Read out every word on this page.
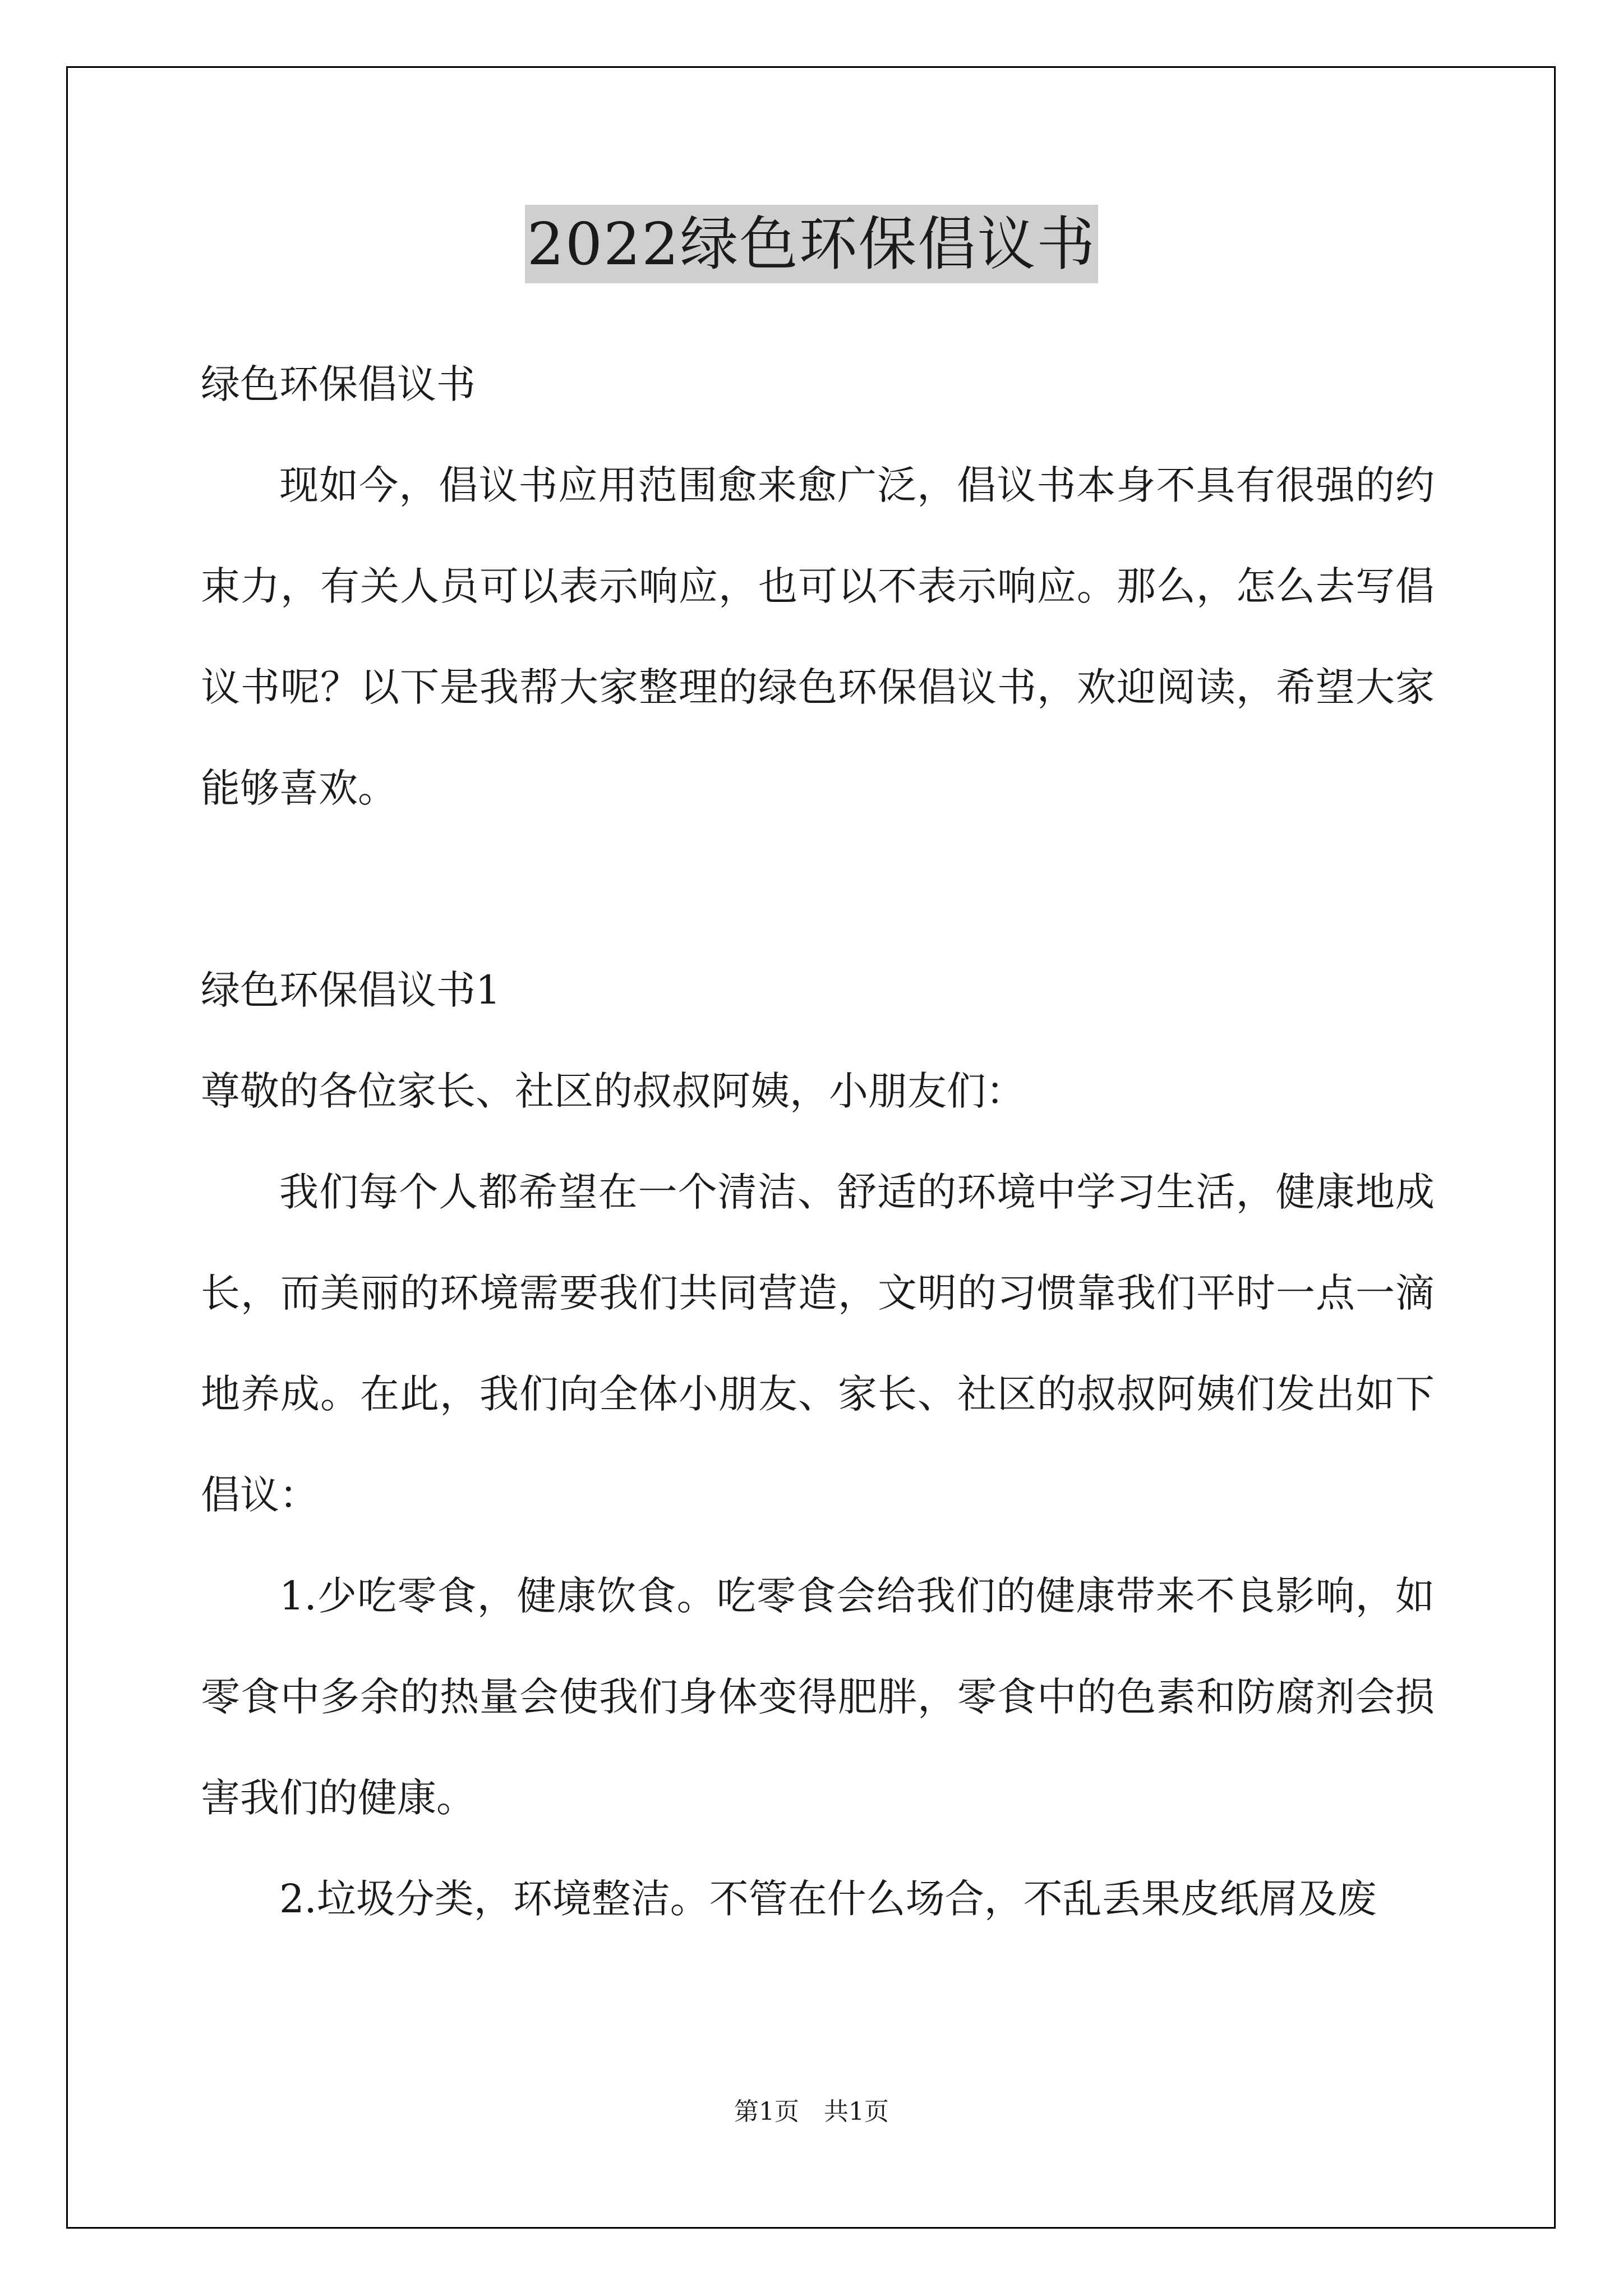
2022绿色环保倡议书
绿色环保倡议书

现如今，倡议书应用范围愈来愈广泛，倡议书本身不具有很强的约束力，有关人员可以表示响应，也可以不表示响应。那么，怎么去写倡议书呢？以下是我帮大家整理的绿色环保倡议书，欢迎阅读，希望大家能够喜欢。

绿色环保倡议书1
尊敬的各位家长、社区的叔叔阿姨，小朋友们：

我们每个人都希望在一个清洁、舒适的环境中学习生活，健康地成长，而美丽的环境需要我们共同营造，文明的习惯靠我们平时一点一滴地养成。在此，我们向全体小朋友、家长、社区的叔叔阿姨们发出如下倡议：

1.少吃零食，健康饮食。吃零食会给我们的健康带来不良影响，如零食中多余的热量会使我们身体变得肥胖，零食中的色素和防腐剂会损害我们的健康。

2.垃圾分类，环境整洁。不管在什么场合，不乱丢果皮纸屑及废

第1页　共1页
